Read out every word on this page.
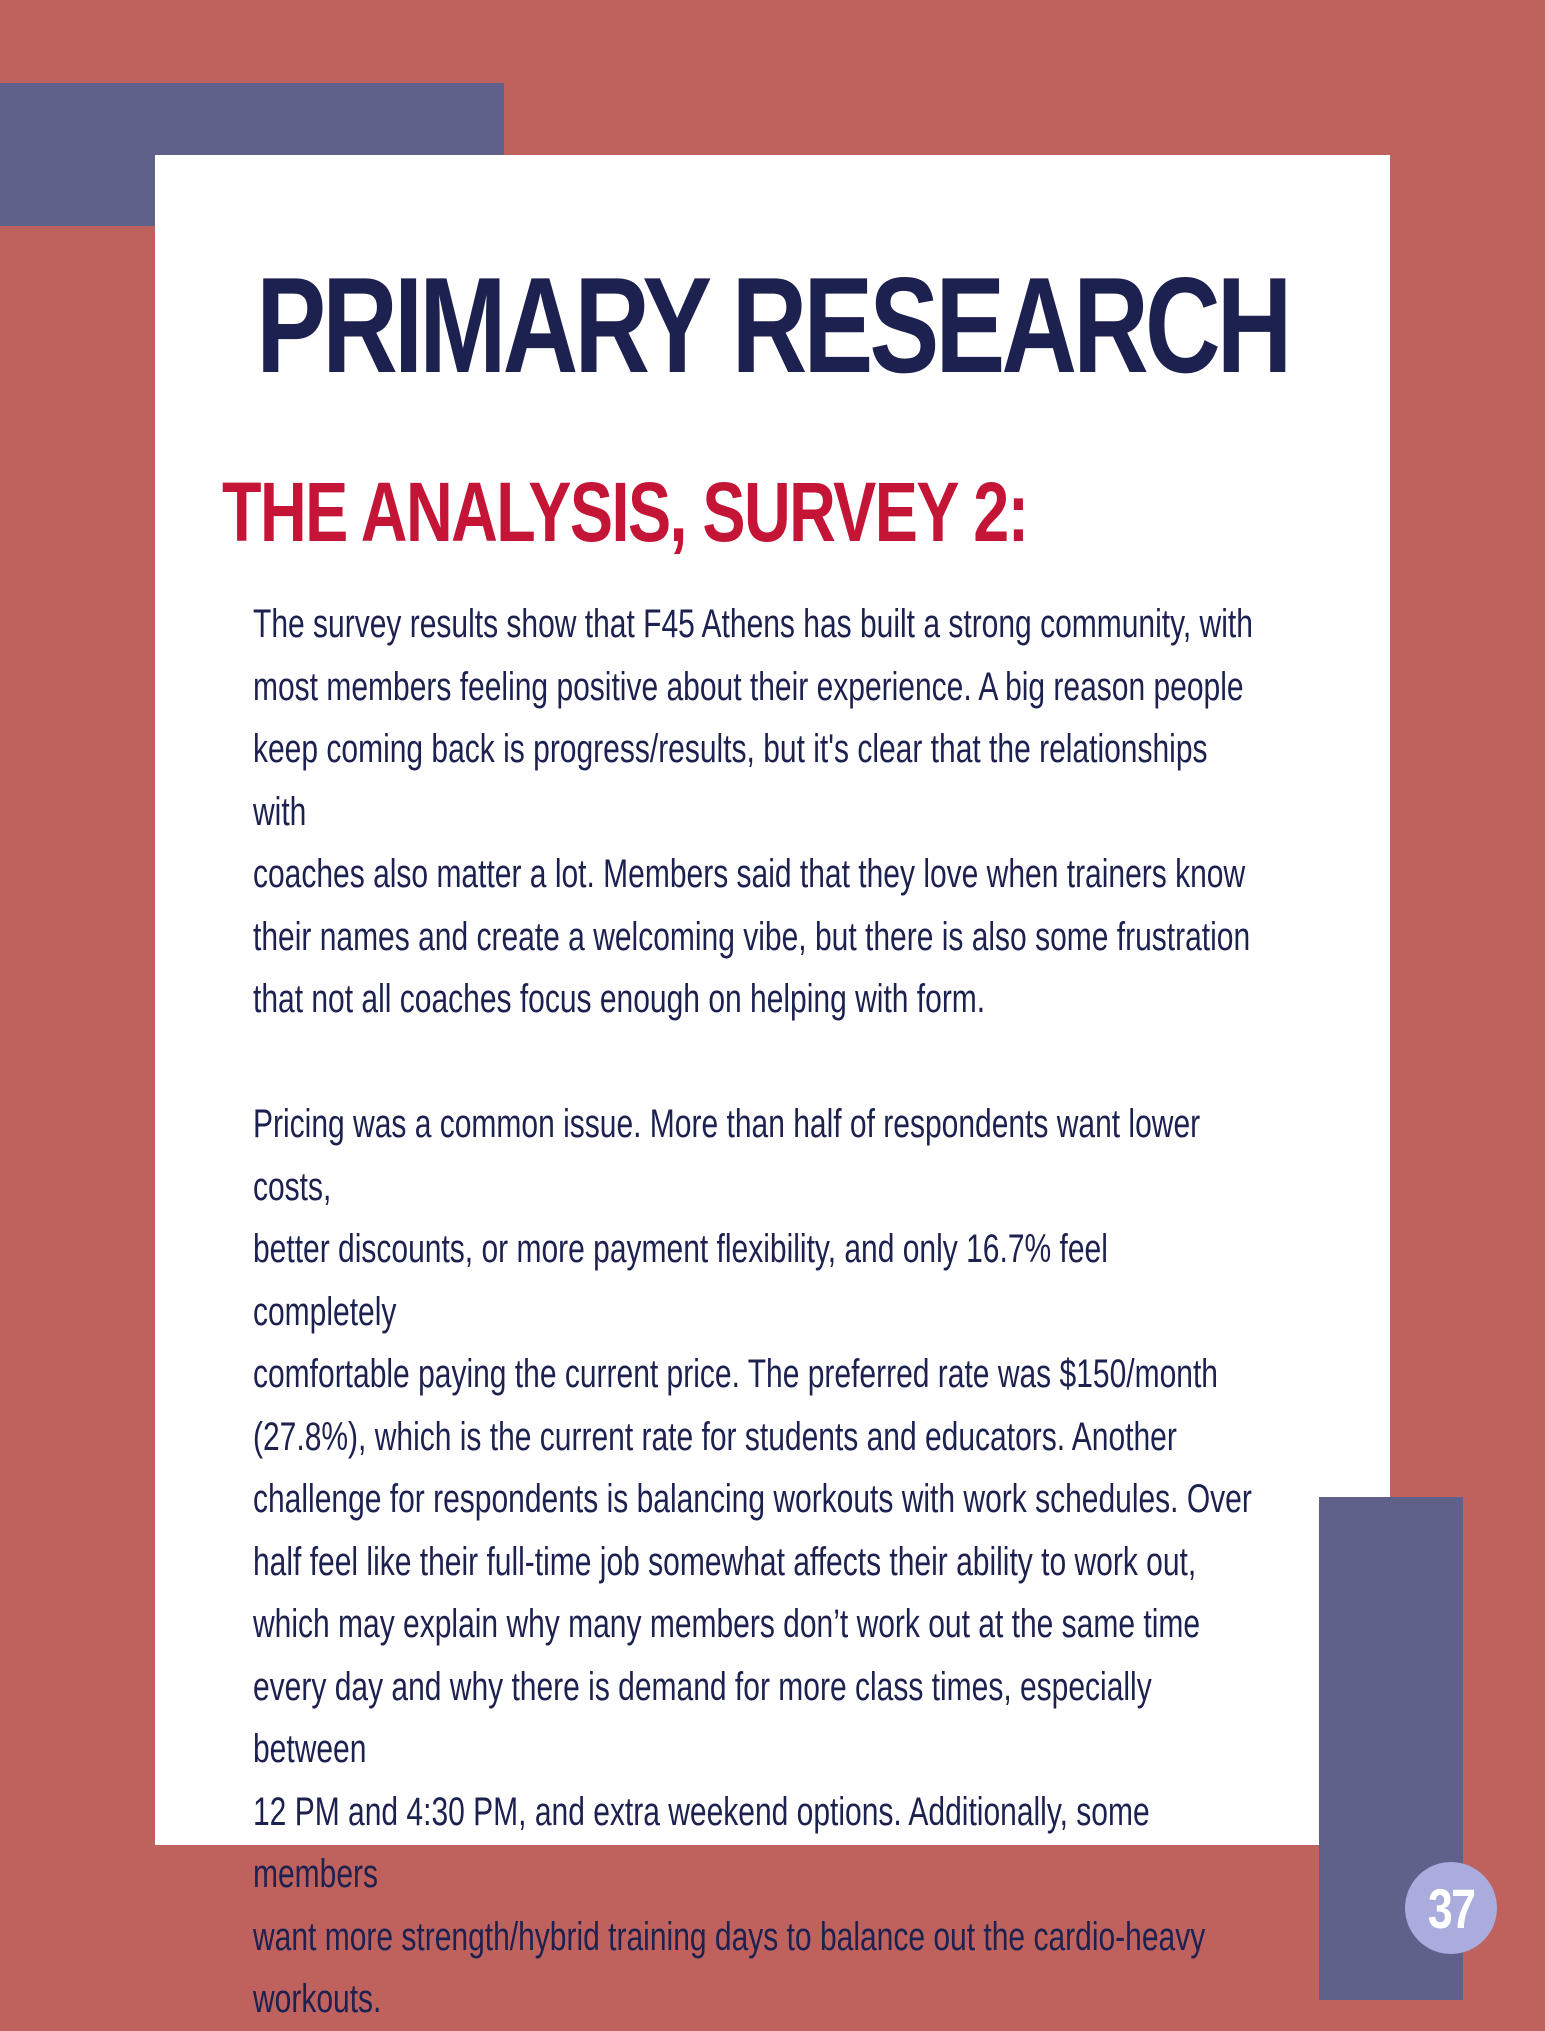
PRIMARY RESEARCH
THE ANALYSIS, SURVEY 2:

The survey results show that F45 Athens has built a strong community, with
most members feeling positive about their experience. A big reason people
keep coming back is progress/results, but it's clear that the relationships with
coaches also matter a lot. Members said that they love when trainers know
their names and create a welcoming vibe, but there is also some frustration
that not all coaches focus enough on helping with form.

Pricing was a common issue. More than half of respondents want lower costs,
better discounts, or more payment flexibility, and only 16.7% feel completely
comfortable paying the current price. The preferred rate was $150/month
(27.8%), which is the current rate for students and educators. Another
challenge for respondents is balancing workouts with work schedules. Over
half feel like their full-time job somewhat affects their ability to work out,
which may explain why many members don’t work out at the same time
every day and why there is demand for more class times, especially between
12 PM and 4:30 PM, and extra weekend options. Additionally, some members
want more strength/hybrid training days to balance out the cardio-heavy
workouts.

37
